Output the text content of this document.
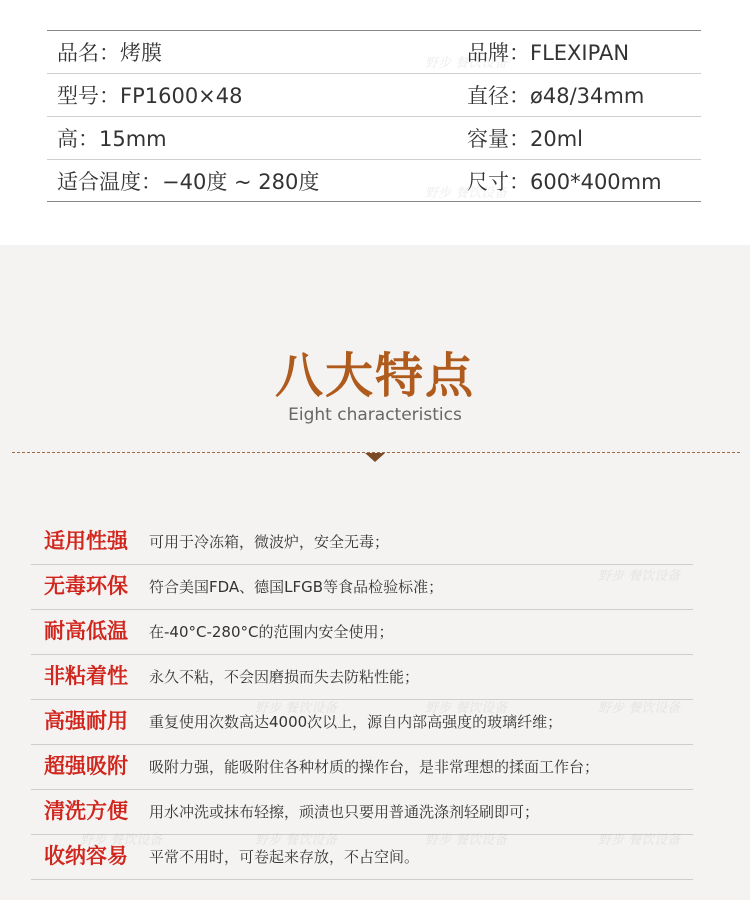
品名：烤膜	品牌：FLEXIPAN
型号：FP1600×48	直径：ø48/34mm
高：15mm	容量：20ml
适合温度：−40度 ~ 280度	尺寸：600*400mm
野步 餐饮设备
野步 餐饮设备
八大特点
Eight characteristics
适用性强 可用于冷冻箱，微波炉，安全无毒；
无毒环保 符合美国FDA、德国LFGB等食品检验标准；
耐高低温 在-40°C-280°C的范围内安全使用；
非粘着性 永久不粘，不会因磨损而失去防粘性能；
高强耐用 重复使用次数高达4000次以上，源自内部高强度的玻璃纤维；
超强吸附 吸附力强，能吸附住各种材质的操作台，是非常理想的揉面工作台；
清洗方便 用水冲洗或抹布轻擦，顽渍也只要用普通洗涤剂轻刷即可；
收纳容易 平常不用时，可卷起来存放，不占空间。
野步 餐饮设备
野步 餐饮设备	野步 餐饮设备	野步 餐饮设备
野步 餐饮设备	野步 餐饮设备	野步 餐饮设备	野步 餐饮设备
